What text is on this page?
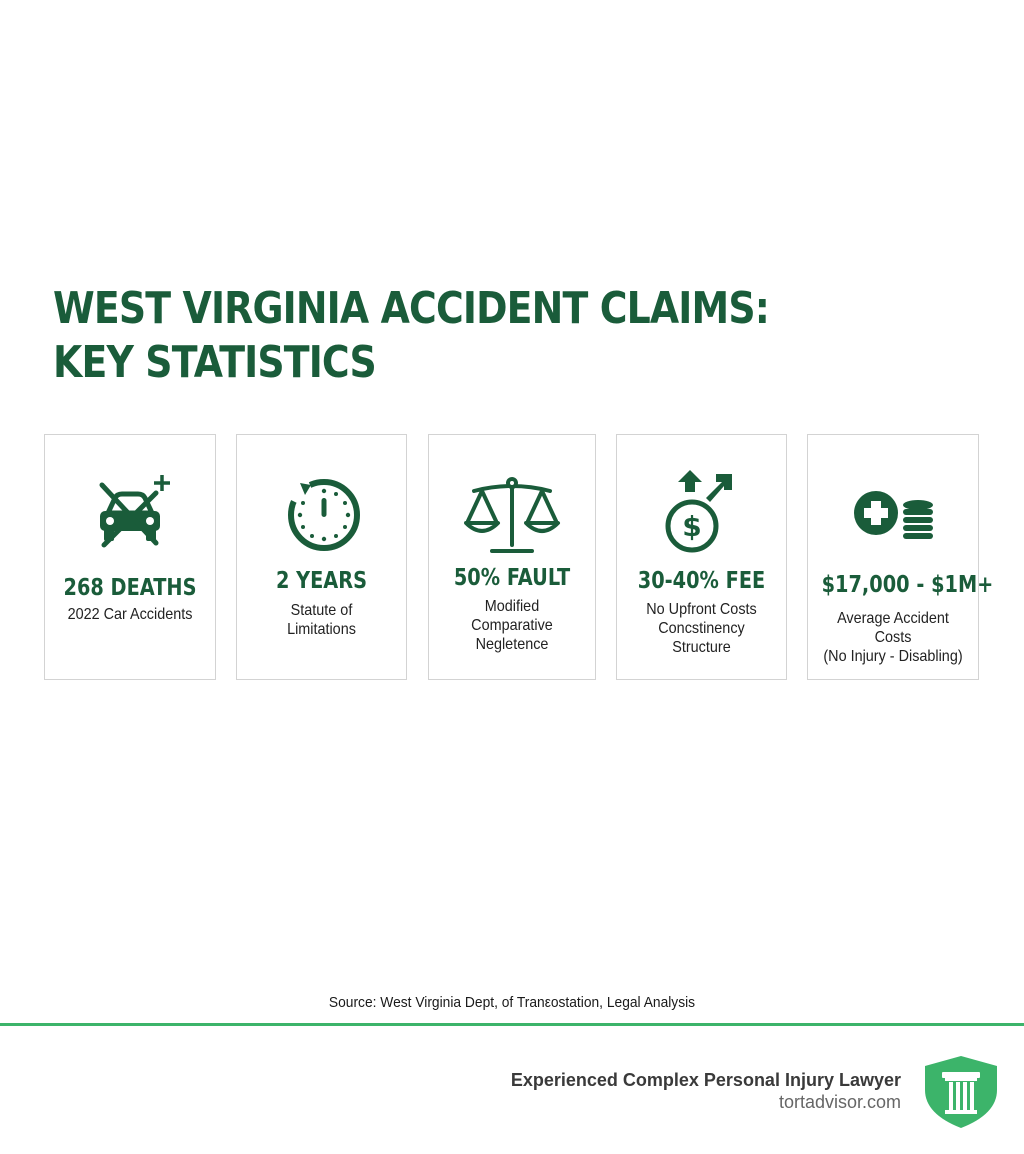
WEST VIRGINIA ACCIDENT CLAIMS:
KEY STATISTICS
268 DEATHS
2022 Car Accidents
2 YEARS
Statute of
Limitations
50% FAULT
Modified
Comparative
Negletence
$
30-40% FEE
No Upfront Costs
Concstinency
Structure
$17,000 - $1M+
Average Accident Costs
(No Injury - Disabling)
Source: West Virginia Dept, of Tranεostation, Legal Analysis
Experienced Complex Personal Injury Lawyer
tortadvisor.com
